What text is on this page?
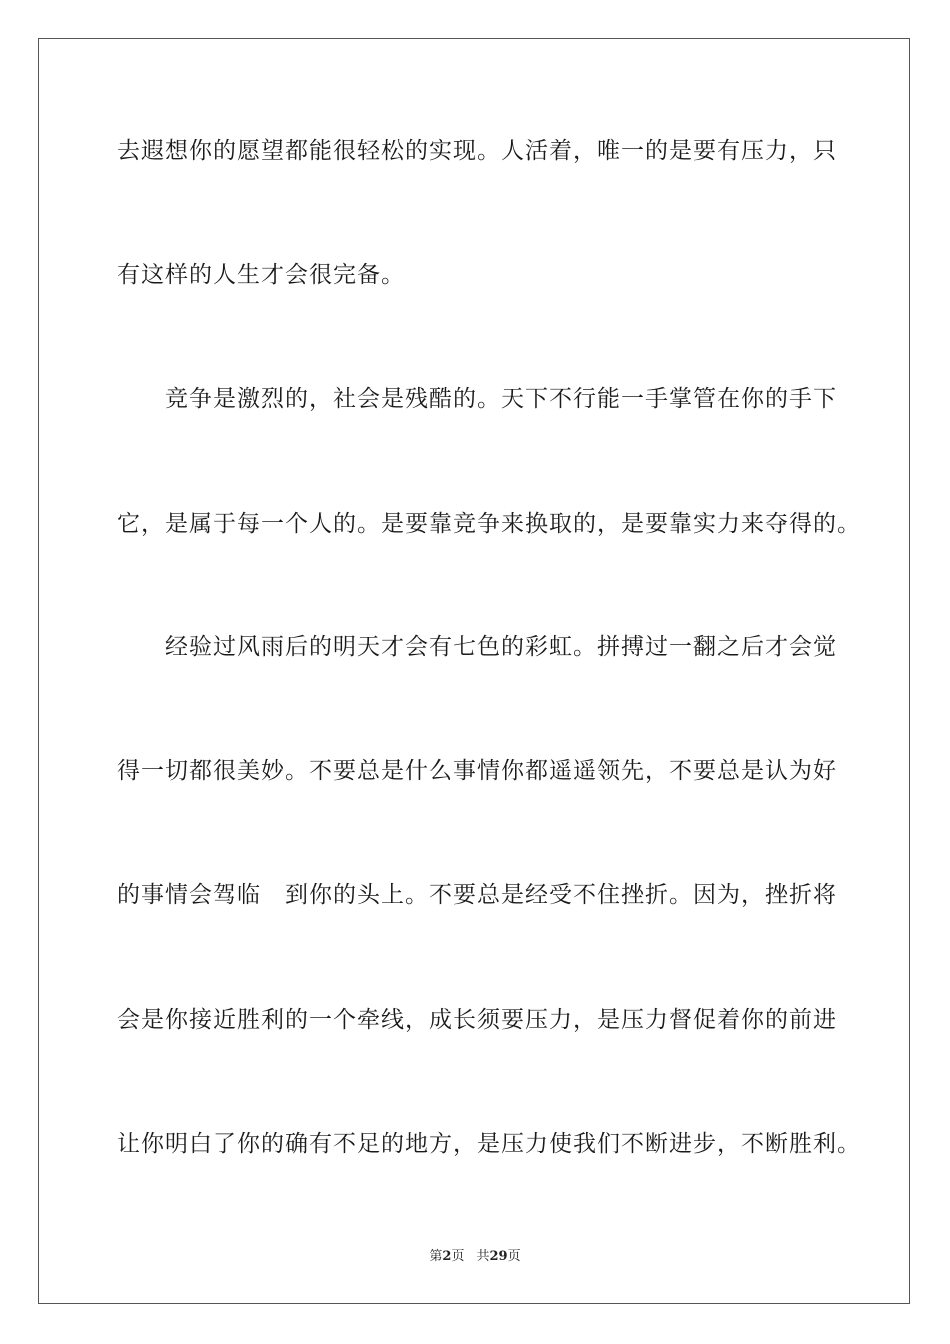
去遐想你的愿望都能很轻松的实现。人活着，唯一的是要有压力，只
有这样的人生才会很完备。
　　竞争是激烈的，社会是残酷的。天下不行能一手掌管在你的手下
它，是属于每一个人的。是要靠竞争来换取的，是要靠实力来夺得的。
　　经验过风雨后的明天才会有七色的彩虹。拼搏过一翻之后才会觉
得一切都很美妙。不要总是什么事情你都遥遥领先，不要总是认为好
的事情会驾临　到你的头上。不要总是经受不住挫折。因为，挫折将
会是你接近胜利的一个牵线，成长须要压力，是压力督促着你的前进
让你明白了你的确有不足的地方，是压力使我们不断进步，不断胜利。
第2页 共29页
